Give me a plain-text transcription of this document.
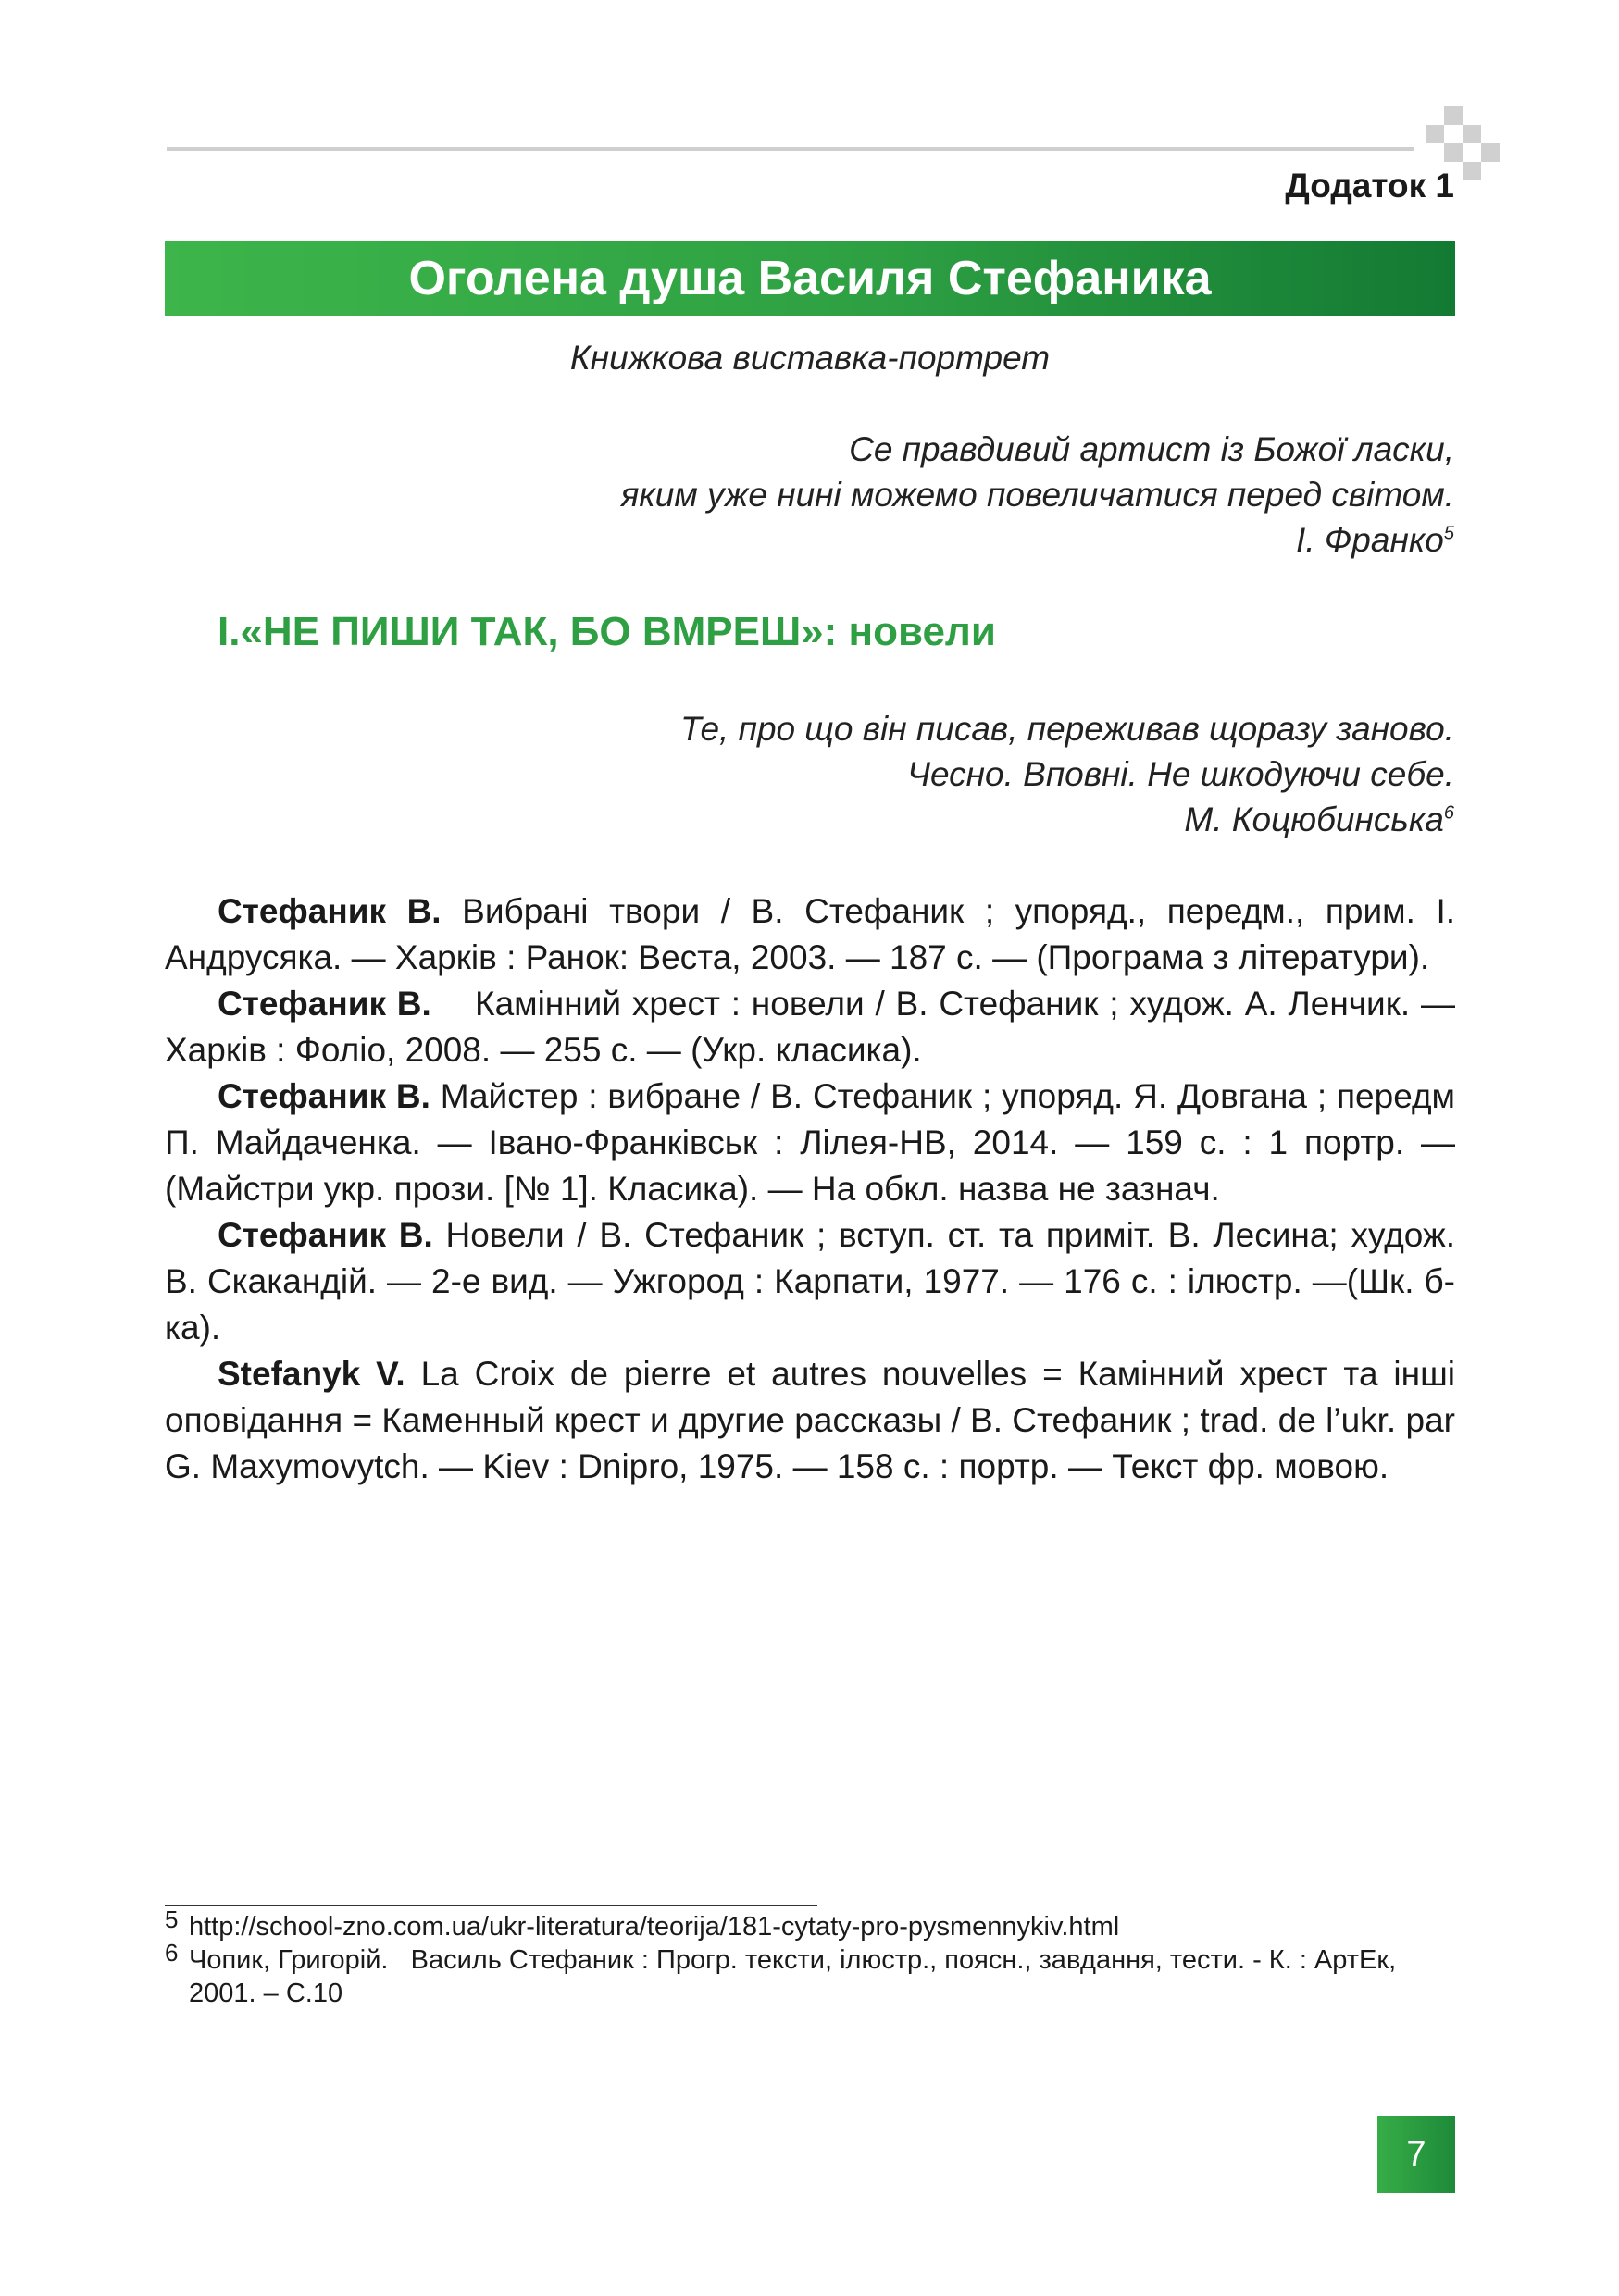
Додаток 1
Оголена душа Василя Стефаника
Книжкова виставка-портрет
Се правдивий артист із Божої ласки,
яким уже нині можемо повеличатися перед світом.
І. Франко$^5$
І.«НЕ ПИШИ ТАК, БО ВМРЕШ»: новели
Те, про що він писав, переживав щоразу заново.
Чесно. Вповні. Не шкодуючи себе.
М. Коцюбинська$^6$

Стефаник В. Вибрані твори / В. Стефаник ; упоряд., передм., прим. І. Андрусяка. — Харків : Ранок: Веста, 2003. — 187 с. — (Програма з літератури).

Стефаник В.    Камінний хрест : новели / В. Стефаник ; худож. А. Ленчик. — Харків : Фоліо, 2008. — 255 с. — (Укр. класика).

Стефаник В. Майстер : вибране / В. Стефаник ; упоряд. Я. Довгана ; передм П. Майдаченка. — Івано-Франківськ : Лілея-НВ, 2014. — 159 с. : 1 портр. —(Майстри укр. прози. [№ 1]. Класика). — На обкл. назва не зазнач.

Стефаник В. Новели / В. Стефаник ; вступ. ст. та приміт. В. Лесина; худож. В. Скакандій. — 2-е вид. — Ужгород : Карпати, 1977. — 176 с. : ілюстр. —(Шк. б-ка).

Stefanyk V. La Croix de pierre et autres nouvelles = Камінний хрест та інші оповідання = Каменный крест и другие рассказы / В. Стефаник ; trad. de l’ukr. par G. Maxymovytch. — Kiev : Dnipro, 1975. — 158 с. : портр. — Текст фр. мовою.

5 http://school-zno.com.ua/ukr-literatura/teorija/181-cytaty-pro-pysmennykiv.html

6 Чопик, Григорій.   Василь Стефаник : Прогр. тексти, ілюстр., поясн., завдання, тести. - К. : АртЕк, 2001. – С.10

7
